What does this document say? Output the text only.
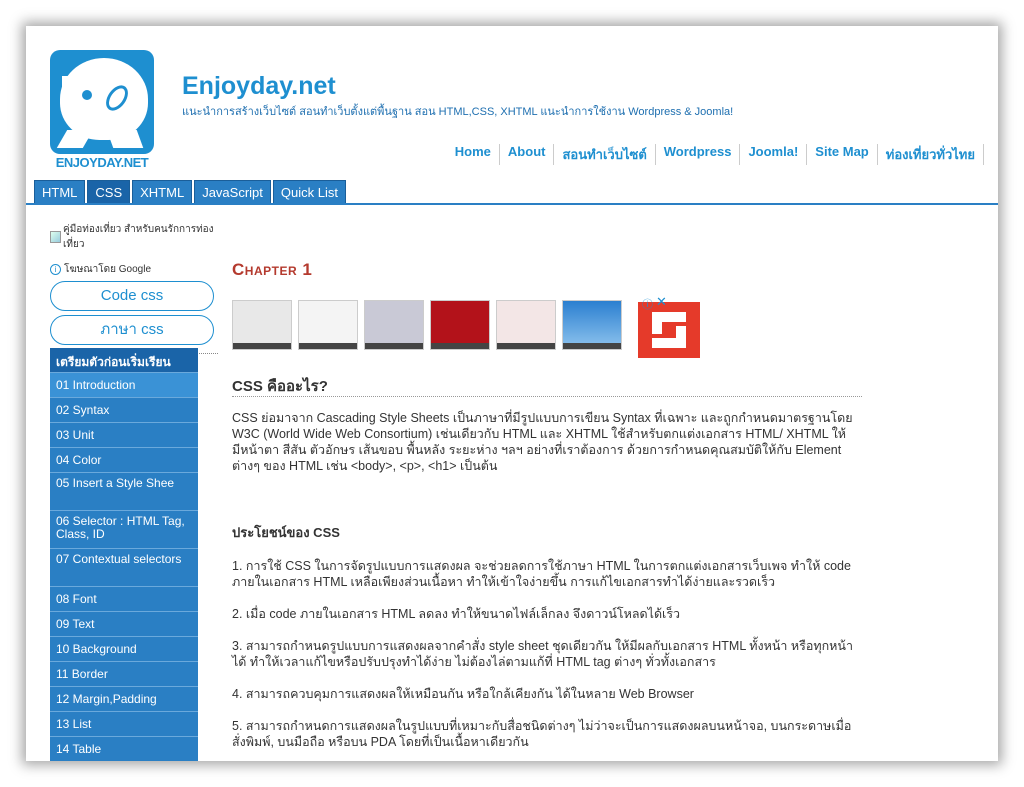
ENJOYDAY.NET
Enjoyday.net
แนะนำการสร้างเว็บไซต์ สอนทำเว็บตั้งแต่พื้นฐาน สอน HTML,CSS, XHTML แนะนำการใช้งาน Wordpress & Joomla!
Home	About	สอนทำเว็บไซต์	Wordpress	Joomla!	Site Map	ท่องเที่ยวทั่วไทย
HTML	CSS	XHTML	JavaScript	Quick List
คู่มือท่องเที่ยว สำหรับคนรักการท่องเที่ยว
i โฆษณาโดย Google
Code css
ภาษา css
เตรียมตัวก่อนเริ่มเรียน
01 Introduction
02 Syntax
03 Unit
04 Color
05 Insert a Style Shee
06 Selector : HTML Tag, Class, ID
07 Contextual selectors
08 Font
09 Text
10 Background
11 Border
12 Margin,Padding
13 List
14 Table
Chapter 1
ⓘ ✕
CSS คืออะไร?
CSS ย่อมาจาก Cascading Style Sheets เป็นภาษาที่มีรูปแบบการเขียน Syntax ที่เฉพาะ และถูกกำหนดมาตรฐานโดย W3C (World Wide Web Consortium) เช่นเดียวกับ HTML และ XHTML ใช้สำหรับตกแต่งเอกสาร HTML/ XHTML ให้มีหน้าตา สีสัน ตัวอักษร เส้นขอบ พื้นหลัง ระยะห่าง ฯลฯ อย่างที่เราต้องการ ด้วยการกำหนดคุณสมบัติให้กับ Element ต่างๆ ของ HTML เช่น <body>, <p>, <h1> เป็นต้น
ประโยชน์ของ CSS
1. การใช้ CSS ในการจัดรูปแบบการแสดงผล จะช่วยลดการใช้ภาษา HTML ในการตกแต่งเอกสารเว็บเพจ ทำให้ code ภายในเอกสาร HTML เหลือเพียงส่วนเนื้อหา ทำให้เข้าใจง่ายขึ้น การแก้ไขเอกสารทำได้ง่ายและรวดเร็ว
2. เมื่อ code ภายในเอกสาร HTML ลดลง ทำให้ขนาดไฟล์เล็กลง จึงดาวน์โหลดได้เร็ว
3. สามารถกำหนดรูปแบบการแสดงผลจากคำสั่ง style sheet ชุดเดียวกัน ให้มีผลกับเอกสาร HTML ทั้งหน้า หรือทุกหน้าได้ ทำให้เวลาแก้ไขหรือปรับปรุงทำได้ง่าย ไม่ต้องไล่ตามแก้ที่ HTML tag ต่างๆ ทั่วทั้งเอกสาร
4. สามารถควบคุมการแสดงผลให้เหมือนกัน หรือใกล้เคียงกัน ได้ในหลาย Web Browser
5. สามารถกำหนดการแสดงผลในรูปแบบที่เหมาะกับสื่อชนิดต่างๆ ไม่ว่าจะเป็นการแสดงผลบนหน้าจอ, บนกระดาษเมื่อสั่งพิมพ์, บนมือถือ หรือบน PDA โดยที่เป็นเนื้อหาเดียวกัน
